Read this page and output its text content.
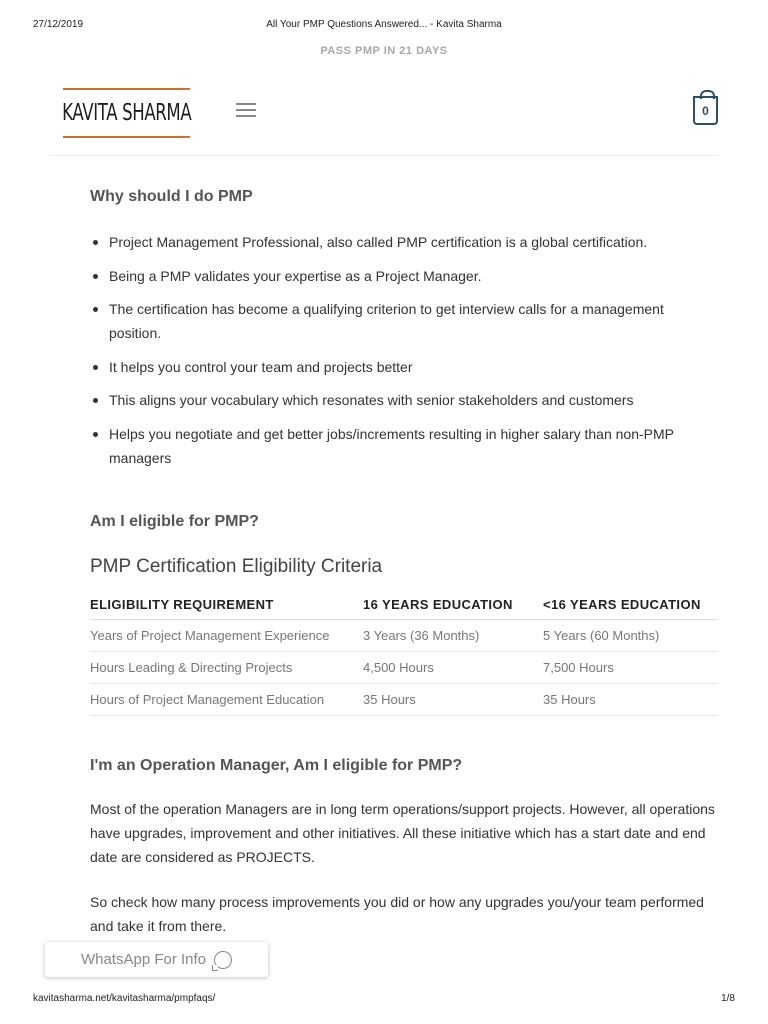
27/12/2019	All Your PMP Questions Answered... - Kavita Sharma
PASS PMP IN 21 DAYS
KAVITA SHARMA	0
Why should I do PMP
Project Management Professional, also called PMP certification is a global certification.
Being a PMP validates your expertise as a Project Manager.
The certification has become a qualifying criterion to get interview calls for a management position.
It helps you control your team and projects better
This aligns your vocabulary which resonates with senior stakeholders and customers
Helps you negotiate and get better jobs/increments resulting in higher salary than non-PMP managers
Am I eligible for PMP?
PMP Certification Eligibility Criteria
ELIGIBILITY REQUIREMENT	16 YEARS EDUCATION	<16 YEARS EDUCATION
Years of Project Management Experience	3 Years (36 Months)	5 Years (60 Months)
Hours Leading & Directing Projects	4,500 Hours	7,500 Hours
Hours of Project Management Education	35 Hours	35 Hours
I'm an Operation Manager, Am I eligible for PMP?

Most of the operation Managers are in long term operations/support projects. However, all operations have upgrades, improvement and other initiatives. All these initiative which has a start date and end date are considered as PROJECTS.

So check how many process improvements you did or how any upgrades you/your team performed and take it from there.

WhatsApp For Info
kavitasharma.net/kavitasharma/pmpfaqs/	1/8
